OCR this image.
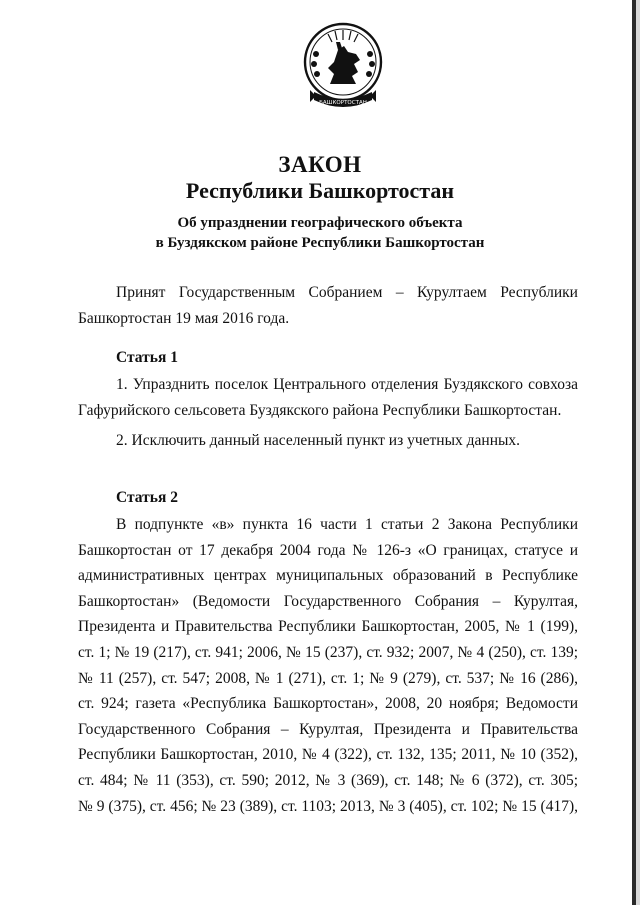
БАШКОРТОСТАН
ЗАКОН
Республики Башкортостан
Об упразднении географического объекта
в Буздякском районе Республики Башкортостан
Принят Государственным Собранием – Курултаем Республики
Башкортостан 19 мая 2016 года.
Статья 1
1. Упразднить поселок Центрального отделения Буздякского совхоза
Гафурийского сельсовета Буздякского района Республики Башкортостан.
2. Исключить данный населенный пункт из учетных данных.
Статья 2
В подпункте «в» пункта 16 части 1 статьи 2 Закона Республики
Башкортостан от 17 декабря 2004 года № 126-з «О границах, статусе и
административных центрах муниципальных образований в Республике
Башкортостан» (Ведомости Государственного Собрания – Курултая,
Президента и Правительства Республики Башкортостан, 2005, № 1 (199),
ст. 1; № 19 (217), ст. 941; 2006, № 15 (237), ст. 932; 2007, № 4 (250), ст. 139;
№ 11 (257), ст. 547; 2008, № 1 (271), ст. 1; № 9 (279), ст. 537; № 16 (286),
ст. 924; газета «Республика Башкортостан», 2008, 20 ноября; Ведомости
Государственного Собрания – Курултая, Президента и Правительства
Республики Башкортостан, 2010, № 4 (322), ст. 132, 135; 2011, № 10 (352),
ст. 484; № 11 (353), ст. 590; 2012, № 3 (369), ст. 148; № 6 (372), ст. 305;
№ 9 (375), ст. 456; № 23 (389), ст. 1103; 2013, № 3 (405), ст. 102; № 15 (417),
